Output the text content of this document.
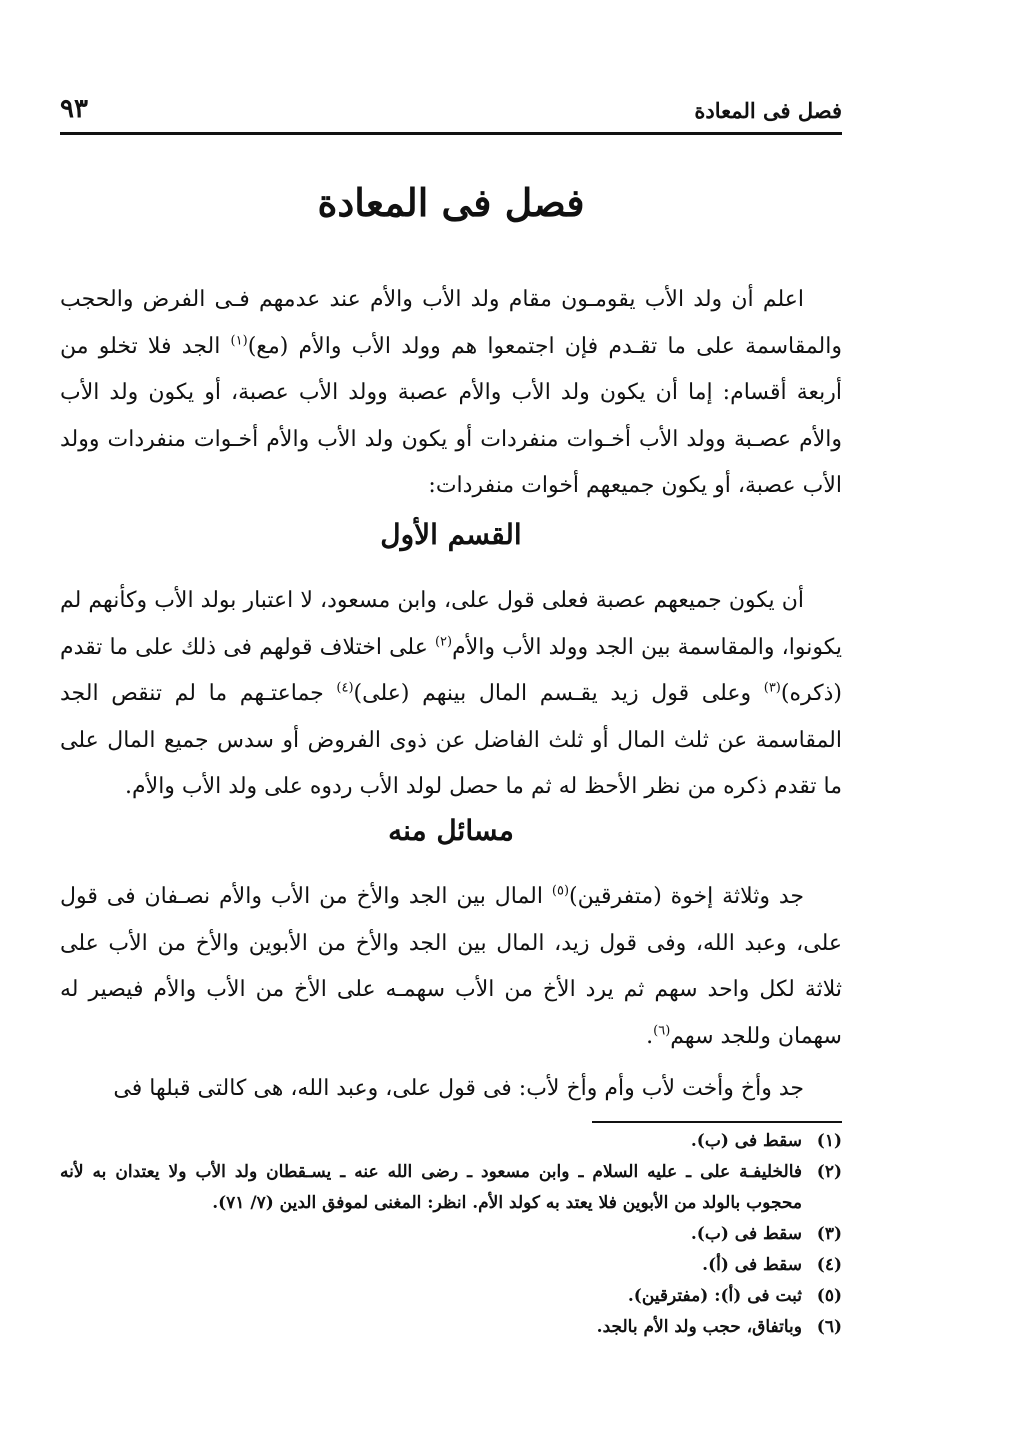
فصل فى المعادة
٩٣
فصل فى المعادة

اعلم أن ولد الأب يقومـون مقام ولد الأب والأم عند عدمهم فـى الفرض والحجب والمقاسمة على ما تقـدم فإن اجتمعوا هم وولد الأب والأم (مع)$^{(١)}$ الجد فلا تخلو من أربعة أقسام: إما أن يكون ولد الأب والأم عصبة وولد الأب عصبة، أو يكون ولد الأب والأم عصـبة وولد الأب أخـوات منفردات أو يكون ولد الأب والأم أخـوات منفردات وولد الأب عصبة، أو يكون جميعهم أخوات منفردات:

القسم الأول

أن يكون جميعهم عصبة فعلى قول على، وابن مسعود، لا اعتبار بولد الأب وكأنهم لم يكونوا، والمقاسمة بين الجد وولد الأب والأم$^{(٢)}$ على اختلاف قولهم فى ذلك على ما تقدم (ذكره)$^{(٣)}$ وعلى قول زيد يقـسم المال بينهم (على)$^{(٤)}$ جماعتـهم ما لم تنقص الجد المقاسمة عن ثلث المال أو ثلث الفاضل عن ذوى الفروض أو سدس جميع المال على ما تقدم ذكره من نظر الأحظ له ثم ما حصل لولد الأب ردوه على ولد الأب والأم.

مسائل منه

جد وثلاثة إخوة (متفرقين)$^{(٥)}$ المال بين الجد والأخ من الأب والأم نصـفان فى قول على، وعبد الله، وفى قول زيد، المال بين الجد والأخ من الأبوين والأخ من الأب على ثلاثة لكل واحد سهم ثم يرد الأخ من الأب سهمـه على الأخ من الأب والأم فيصير له سهمان وللجد سهم$^{(٦)}$.

جد وأخ وأخت لأب وأم وأخ لأب: فى قول على، وعبد الله، هى كالتى قبلها فى

(١)
سقط فى (ب).
(٢)
فالخليفـة على ـ عليه السلام ـ وابن مسعود ـ رضى الله عنه ـ يسـقطان ولد الأب ولا يعتدان به لأنه محجوب بالولد من الأبوين فلا يعتد به كولد الأم. انظر: المغنى لموفق الدين (٧/ ٧١).
(٣)
سقط فى (ب).
(٤)
سقط فى (أ).
(٥)
ثبت فى (أ): (مفترقين).
(٦)
وباتفاق، حجب ولد الأم بالجد.
